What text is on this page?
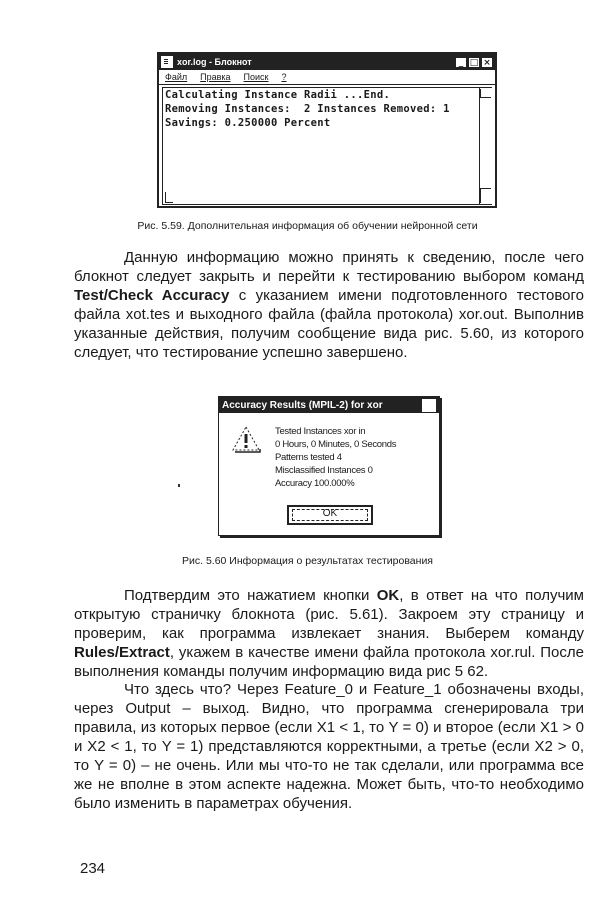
xor.log - Блокнот	_ □ ×
Файл Правка Поиск ?
Calculating Instance Radii ...End.
Removing Instances:  2 Instances Removed: 1
Savings: 0.250000 Percent
Рис. 5.59. Дополнительная информация об обучении нейронной сети
Данную информацию можно принять к сведению, после чего блокнот следует закрыть и перейти к тестированию выбором команд Test/Check Accuracy с указанием имени подготовленного тестового файла xot.tes и выходного файла (файла протокола) xor.out. Выполнив указанные действия, получим сообщение вида рис. 5.60, из которого следует, что тестирование успешно завершено.
Accuracy Results (MPIL-2) for xor
Tested Instances xor in
0 Hours, 0 Minutes, 0 Seconds
Patterns tested 4
Misclassified Instances 0
Accuracy 100.000%
OK
Рис. 5.60 Информация о результатах тестирования
Подтвердим это нажатием кнопки OK, в ответ на что получим открытую страничку блокнота (рис. 5.61). Закроем эту страницу и проверим, как программа извлекает знания. Выберем команду Rules/Extract, укажем в качестве имени файла протокола xor.rul. После выполнения команды получим информацию вида рис 5 62.
Что здесь что? Через Feature_0 и Feature_1 обозначены входы, через Output – выход. Видно, что программа сгенерировала три правила, из которых первое (если X1 < 1, то Y = 0) и второе (если X1 > 0 и X2 < 1, то Y = 1) представляются корректными, а третье (если X2 > 0, то Y = 0) – не очень. Или мы что-то не так сделали, или программа все же не вполне в этом аспекте надежна. Может быть, что-то необходимо было изменить в параметрах обучения.
234
